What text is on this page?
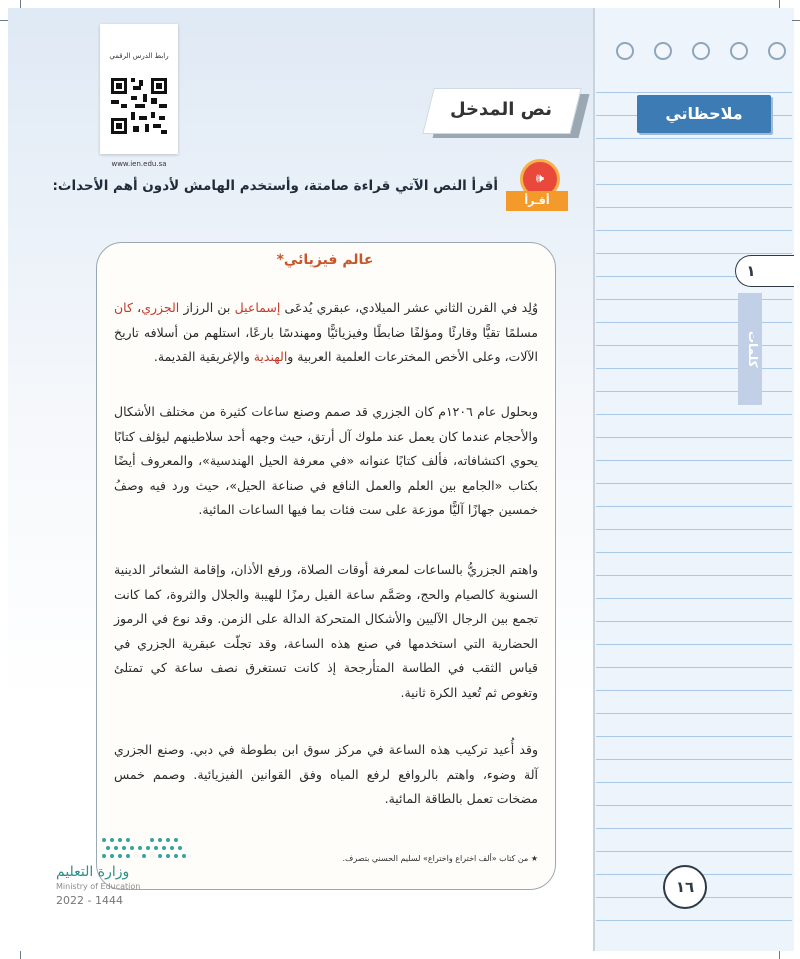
رابط الدرس الرقمي
www.ien.edu.sa
نص المدخل	ملاحظاتي
🕪
أقـرأ
أقرأ النص الآتي قراءة صامتة، وأستخدم الهامش لأدون أهم الأحداث:
عالم فيزيائي*
وُلِد في القرن الثاني عشر الميلادي، عبقري يُدعَى إسماعيل بن الرزاز الجزري، كان مسلمًا تقيًّا وقارئًا ومؤلفًا ضابطًا وفيزيائيًّا ومهندسًا بارعًا، استلهم من أسلافه تاريخ الآلات، وعلى الأخص المخترعات العلمية العربية والهندية والإغريقية القديمة.
وبحلول عام ١٢٠٦م كان الجزري قد صمم وصنع ساعات كثيرة من مختلف الأشكال والأحجام عندما كان يعمل عند ملوك آل أرتق، حيث وجهه أحد سلاطينهم ليؤلف كتابًا يحوي اكتشافاته، فألف كتابًا عنوانه «في معرفة الحيل الهندسية»، والمعروف أيضًا بكتاب «الجامع بين العلم والعمل النافع في صناعة الحيل»، حيث ورد فيه وصفُ خمسين جهازًا آليًّا موزعة على ست فئات بما فيها الساعات المائية.
واهتم الجزريُّ بالساعات لمعرفة أوقات الصلاة، ورفع الأذان، وإقامة الشعائر الدينية السنوية كالصيام والحج، وصَمَّم ساعة الفيل رمزًا للهيبة والجلال والثروة، كما كانت تجمع بين الرجال الآليين والأشكال المتحركة الدالة على الزمن. وقد نوع في الرموز الحضارية التي استخدمها في صنع هذه الساعة، وقد تجلّت عبقرية الجزري في قياس الثقب في الطاسة المتأرجحة إذ كانت تستغرق نصف ساعة كي تمتلئ وتغوص ثم تُعيد الكرة ثانية.
وقد أُعيد تركيب هذه الساعة في مركز سوق ابن بطوطة في دبي. وصنع الجزري آلة وضوء، واهتم بالروافع لرفع المياه وفق القوانين الفيزيائية. وصمم خمس مضخات تعمل بالطاقة المائية.
★ من كتاب «ألف اختراع واختراع» لسليم الحسني بتصرف.
وزارة التعليم
Ministry of Education
2022 - 1444
١٦
١
كلمات
